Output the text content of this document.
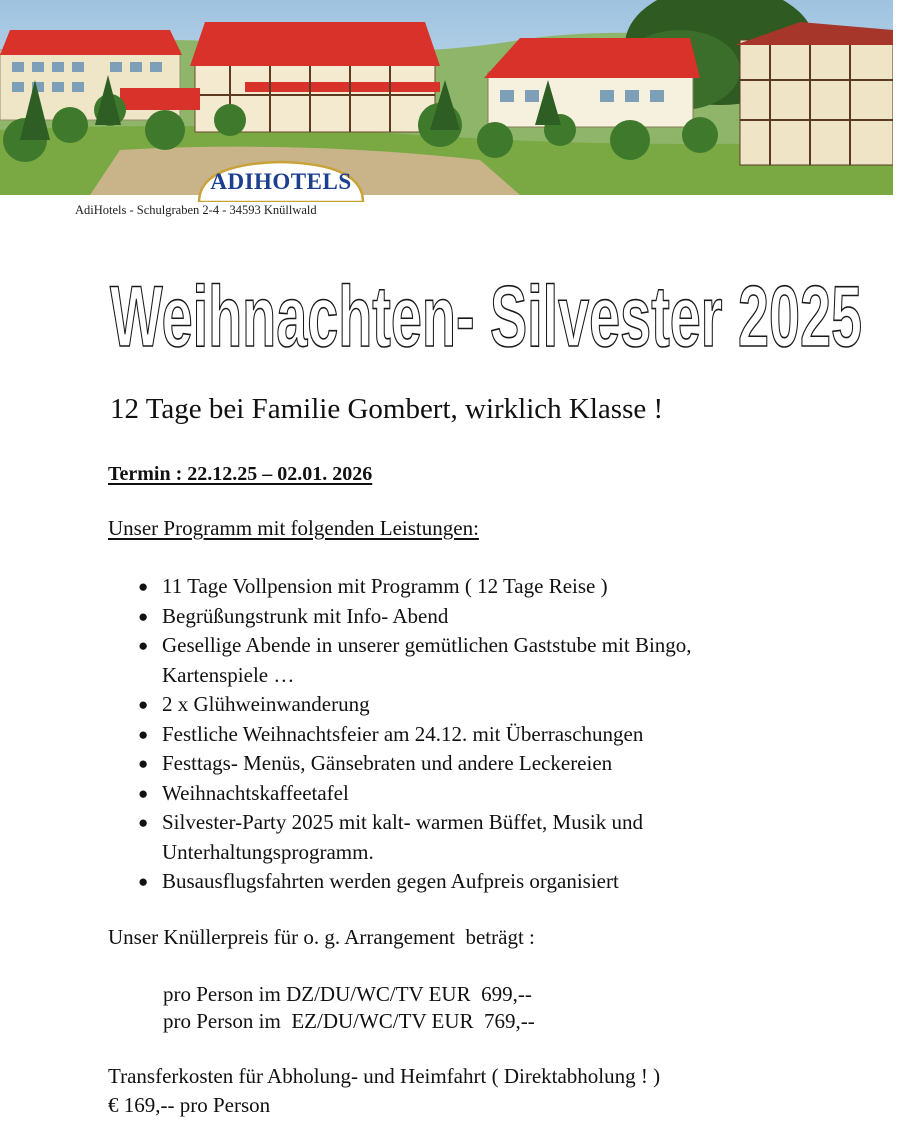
ADIHOTELS
AdiHotels - Schulgraben 2-4 - 34593 Knüllwald
Weihnachten- Silvester 2025
12 Tage bei Familie Gombert, wirklich Klasse !
Termin : 22.12.25 – 02.01. 2026
Unser Programm mit folgenden Leistungen:
● 11 Tage Vollpension mit Programm ( 12 Tage Reise )
● Begrüßungstrunk mit Info- Abend
● Gesellige Abende in unserer gemütlichen Gaststube mit Bingo,
Kartenspiele …
● 2 x Glühweinwanderung
● Festliche Weihnachtsfeier am 24.12. mit Überraschungen
● Festtags- Menüs, Gänsebraten und andere Leckereien
● Weihnachtskaffeetafel
● Silvester-Party 2025 mit kalt- warmen Büffet, Musik und
Unterhaltungsprogramm.
● Busausflugsfahrten werden gegen Aufpreis organisiert
Unser Knüllerpreis für o. g. Arrangement  beträgt :
pro Person im DZ/DU/WC/TV EUR  699,--
pro Person im  EZ/DU/WC/TV EUR  769,--
Transferkosten für Abholung- und Heimfahrt ( Direktabholung ! )
€ 169,-- pro Person
